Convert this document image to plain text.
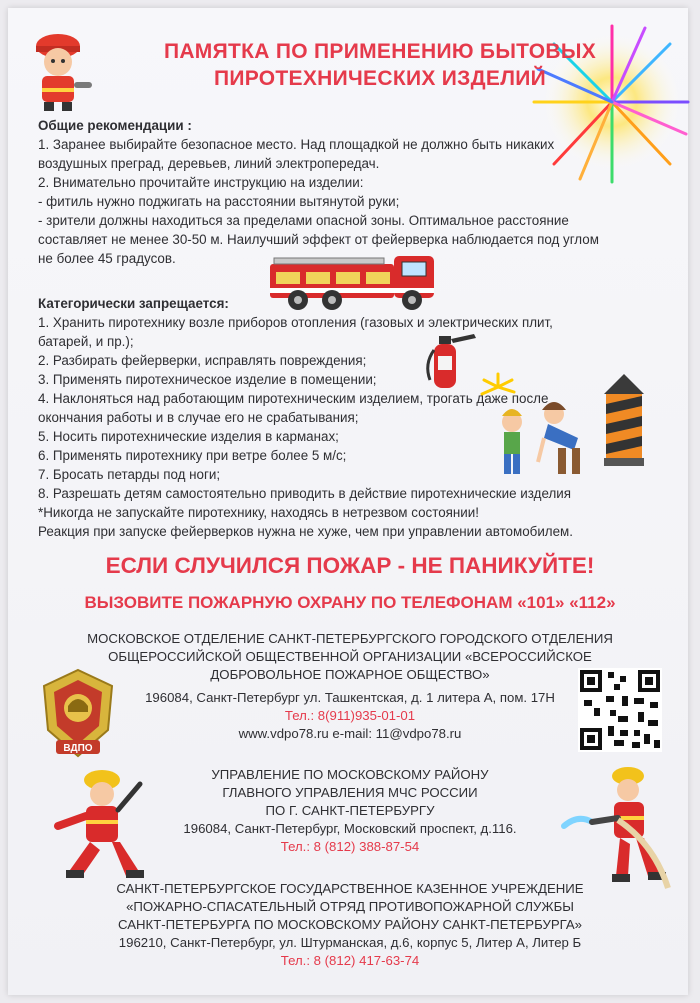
ПАМЯТКА ПО ПРИМЕНЕНИЮ БЫТОВЫХ
ПИРОТЕХНИЧЕСКИХ ИЗДЕЛИЙ
Общие рекомендации :
1. Заранее выбирайте безопасное место. Над площадкой не должно быть никаких
воздушных преград, деревьев, линий электропередач.
2. Внимательно прочитайте инструкцию на изделии:
- фитиль нужно поджигать на расстоянии вытянутой руки;
- зрители должны находиться за пределами опасной зоны. Оптимальное расстояние
составляет не менее 30-50 м. Наилучший эффект от фейерверка наблюдается под углом
не более 45 градусов.
Категорически запрещается:
1. Хранить пиротехнику возле приборов отопления (газовых и электрических плит,
батарей, и пр.);
2. Разбирать фейерверки, исправлять повреждения;
3. Применять пиротехническое изделие в помещении;
4. Наклоняться над работающим пиротехническим изделием, трогать даже после
окончания работы и в случае его не срабатывания;
5. Носить пиротехнические изделия в карманах;
6. Применять пиротехнику при ветре более 5 м/с;
7. Бросать петарды под ноги;
8. Разрешать детям самостоятельно приводить в действие пиротехнические изделия
*Никогда не запускайте пиротехнику, находясь в нетрезвом состоянии!
Реакция при запуске фейерверков нужна не хуже, чем при управлении автомобилем.
ЕСЛИ СЛУЧИЛСЯ ПОЖАР - НЕ ПАНИКУЙТЕ!
ВЫЗОВИТЕ ПОЖАРНУЮ ОХРАНУ ПО ТЕЛЕФОНАМ «101» «112»
ВДПО
МОСКОВСКОЕ ОТДЕЛЕНИЕ САНКТ-ПЕТЕРБУРГСКОГО ГОРОДСКОГО ОТДЕЛЕНИЯ
ОБЩЕРОССИЙСКОЙ ОБЩЕСТВЕННОЙ ОРГАНИЗАЦИИ «ВСЕРОССИЙСКОЕ
ДОБРОВОЛЬНОЕ ПОЖАРНОЕ ОБЩЕСТВО»
196084, Санкт-Петербург ул. Ташкентская, д. 1 литера А, пом. 17Н
Тел.: 8(911)935-01-01
www.vdpo78.ru e-mail: 11@vdpo78.ru
УПРАВЛЕНИЕ ПО МОСКОВСКОМУ РАЙОНУ
ГЛАВНОГО УПРАВЛЕНИЯ МЧС РОССИИ
ПО Г. САНКТ-ПЕТЕРБУРГУ
196084, Санкт-Петербург, Московский проспект, д.116.
Тел.: 8 (812) 388-87-54
САНКТ-ПЕТЕРБУРГСКОЕ ГОСУДАРСТВЕННОЕ КАЗЕННОЕ УЧРЕЖДЕНИЕ
«ПОЖАРНО-СПАСАТЕЛЬНЫЙ ОТРЯД ПРОТИВОПОЖАРНОЙ СЛУЖБЫ
САНКТ-ПЕТЕРБУРГА ПО МОСКОВСКОМУ РАЙОНУ САНКТ-ПЕТЕРБУРГА»
196210, Санкт-Петербург, ул. Штурманская, д.6, корпус 5, Литер А, Литер Б
Тел.: 8 (812) 417-63-74
